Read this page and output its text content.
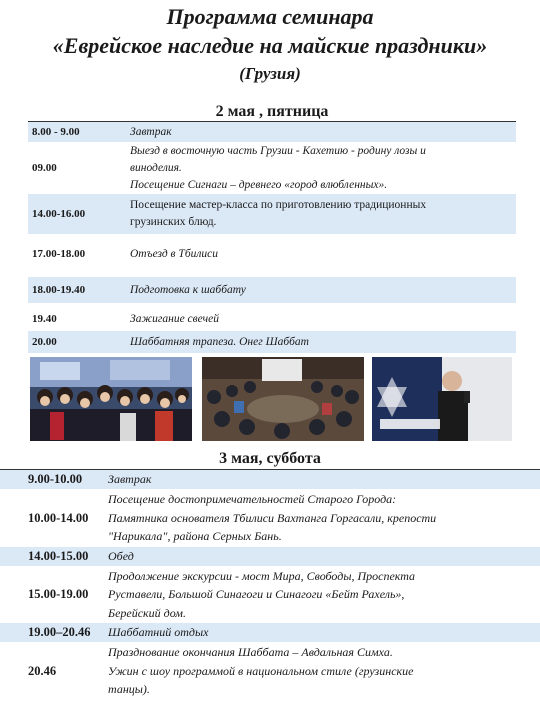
Программа семинара
«Еврейское наследие на майские праздники»
(Грузия)
2 мая , пятница
8.00 - 9.00	Завтрак
09.00
Выезд в восточную часть Грузии - Кахетию - родину лозы и
виноделия.
Посещение Сигнаги – древнего «город влюбленных».
14.00-16.00
Посещение мастер-класса по приготовлению традиционных
грузинских блюд.
17.00-18.00	Отъезд в Тбилиси
18.00-19.40	Подготовка к шаббату
19.40	Зажигание свечей
20.00	Шаббатняя трапеза. Онег Шаббат
3 мая, суббота
9.00-10.00 Завтрак
10.00-14.00
Посещение достопримечательностей Старого Города:
Памятника основателя Тбилиси Вахтанга Горгасали, крепости
"Нарикала", района Серных Бань.
14.00-15.00 Обед
15.00-19.00
Продолжение экскурсии - мост Мира, Свободы, Проспекта
Руставели, Большой Синагоги и Синагоги «Бейт Рахель»,
Берейский дом.
19.00–20.46 Шаббатний отдых
20.46
Празднование окончания Шаббата – Авдальная Симха.
Ужин с шоу программой в национальном стиле (грузинские
танцы).
